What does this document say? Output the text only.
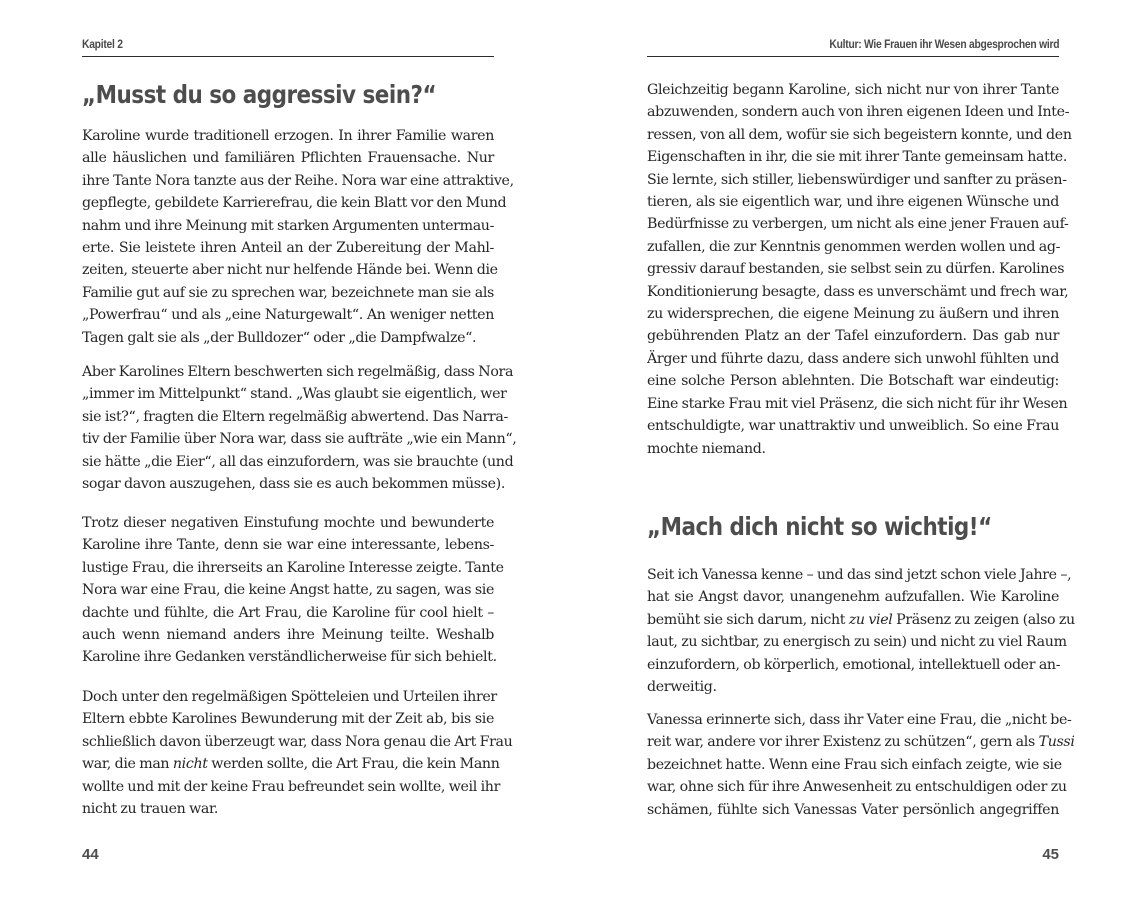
Kapitel 2
„Musst du so aggressiv sein?“
Karoline wurde traditionell erzogen. In ihrer Familie waren
alle häuslichen und familiären Pflichten Frauensache. Nur
ihre Tante Nora tanzte aus der Reihe. Nora war eine attraktive,
gepflegte, gebildete Karrierefrau, die kein Blatt vor den Mund
nahm und ihre Meinung mit starken Argumenten untermau-
erte. Sie leistete ihren Anteil an der Zubereitung der Mahl-
zeiten, steuerte aber nicht nur helfende Hände bei. Wenn die
Familie gut auf sie zu sprechen war, bezeichnete man sie als
„Powerfrau“ und als „eine Naturgewalt“. An weniger netten
Tagen galt sie als „der Bulldozer“ oder „die Dampfwalze“.
Aber Karolines Eltern beschwerten sich regelmäßig, dass Nora
„immer im Mittelpunkt“ stand. „Was glaubt sie eigentlich, wer
sie ist?“, fragten die Eltern regelmäßig abwertend. Das Narra-
tiv der Familie über Nora war, dass sie aufträte „wie ein Mann“,
sie hätte „die Eier“, all das einzufordern, was sie brauchte (und
sogar davon auszugehen, dass sie es auch bekommen müsse).
Trotz dieser negativen Einstufung mochte und bewunderte
Karoline ihre Tante, denn sie war eine interessante, lebens-
lustige Frau, die ihrerseits an Karoline Interesse zeigte. Tante
Nora war eine Frau, die keine Angst hatte, zu sagen, was sie
dachte und fühlte, die Art Frau, die Karoline für cool hielt –
auch wenn niemand anders ihre Meinung teilte. Weshalb
Karoline ihre Gedanken verständlicherweise für sich behielt.
Doch unter den regelmäßigen Spötteleien und Urteilen ihrer
Eltern ebbte Karolines Bewunderung mit der Zeit ab, bis sie
schließlich davon überzeugt war, dass Nora genau die Art Frau
war, die man nicht werden sollte, die Art Frau, die kein Mann
wollte und mit der keine Frau befreundet sein wollte, weil ihr
nicht zu trauen war.
44
Kultur: Wie Frauen ihr Wesen abgesprochen wird
Gleichzeitig begann Karoline, sich nicht nur von ihrer Tante
abzuwenden, sondern auch von ihren eigenen Ideen und Inte-
ressen, von all dem, wofür sie sich begeistern konnte, und den
Eigenschaften in ihr, die sie mit ihrer Tante gemeinsam hatte.
Sie lernte, sich stiller, liebenswürdiger und sanfter zu präsen-
tieren, als sie eigentlich war, und ihre eigenen Wünsche und
Bedürfnisse zu verbergen, um nicht als eine jener Frauen auf-
zufallen, die zur Kenntnis genommen werden wollen und ag-
gressiv darauf bestanden, sie selbst sein zu dürfen. Karolines
Konditionierung besagte, dass es unverschämt und frech war,
zu widersprechen, die eigene Meinung zu äußern und ihren
gebührenden Platz an der Tafel einzufordern. Das gab nur
Ärger und führte dazu, dass andere sich unwohl fühlten und
eine solche Person ablehnten. Die Botschaft war eindeutig:
Eine starke Frau mit viel Präsenz, die sich nicht für ihr Wesen
entschuldigte, war unattraktiv und unweiblich. So eine Frau
mochte niemand.
„Mach dich nicht so wichtig!“
Seit ich Vanessa kenne – und das sind jetzt schon viele Jahre –,
hat sie Angst davor, unangenehm aufzufallen. Wie Karoline
bemüht sie sich darum, nicht zu viel Präsenz zu zeigen (also zu
laut, zu sichtbar, zu energisch zu sein) und nicht zu viel Raum
einzufordern, ob körperlich, emotional, intellektuell oder an-
derweitig.
Vanessa erinnerte sich, dass ihr Vater eine Frau, die „nicht be-
reit war, andere vor ihrer Existenz zu schützen“, gern als Tussi
bezeichnet hatte. Wenn eine Frau sich einfach zeigte, wie sie
war, ohne sich für ihre Anwesenheit zu entschuldigen oder zu
schämen, fühlte sich Vanessas Vater persönlich angegriffen
45
